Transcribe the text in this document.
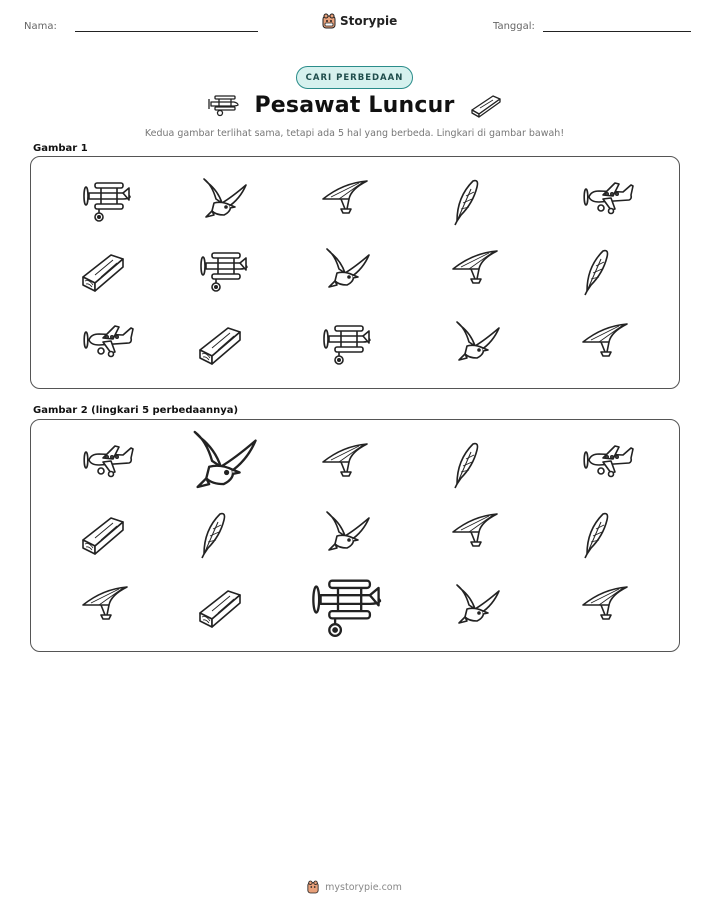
Nama:	Storypie	Tanggal:
CARI PERBEDAAN
Pesawat Luncur
Kedua gambar terlihat sama, tetapi ada 5 hal yang berbeda. Lingkari di gambar bawah!
Gambar 1
Gambar 2 (lingkari 5 perbedaannya)
mystorypie.com
